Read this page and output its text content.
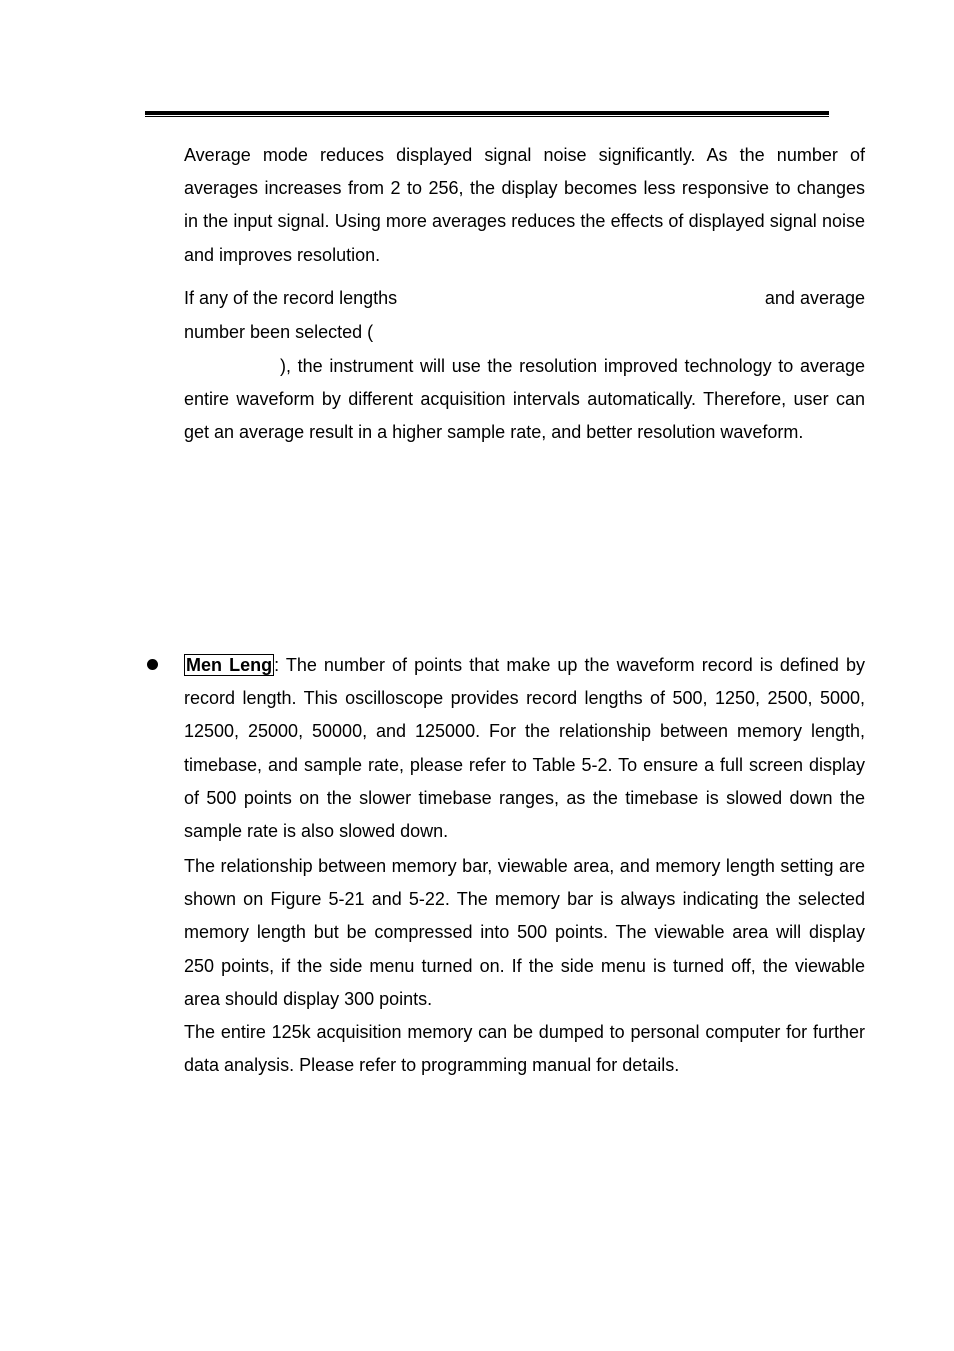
Average mode reduces displayed signal noise significantly. As the number of averages increases from 2 to 256, the display becomes less responsive to changes in the input signal. Using more averages reduces the effects of displayed signal noise and improves resolution.
If any of the record lengths	and average
number been selected (
), the instrument will use the resolution improved technology to average entire waveform by different acquisition intervals automatically. Therefore, user can get an average result in a higher sample rate, and better resolution waveform.
Men Leng : The number of points that make up the waveform record is defined by record length. This oscilloscope provides record lengths of 500, 1250, 2500, 5000, 12500, 25000, 50000, and 125000. For the relationship between memory length, timebase, and sample rate, please refer to Table 5-2. To ensure a full screen display of 500 points on the slower timebase ranges, as the timebase is slowed down the sample rate is also slowed down.
The relationship between memory bar, viewable area, and memory length setting are shown on Figure 5-21 and 5-22. The memory bar is always indicating the selected memory length but be compressed into 500 points. The viewable area will display 250 points, if the side menu turned on. If the side menu is turned off, the viewable area should display 300 points.
The entire 125k acquisition memory can be dumped to personal computer for further data analysis. Please refer to programming manual for details.
